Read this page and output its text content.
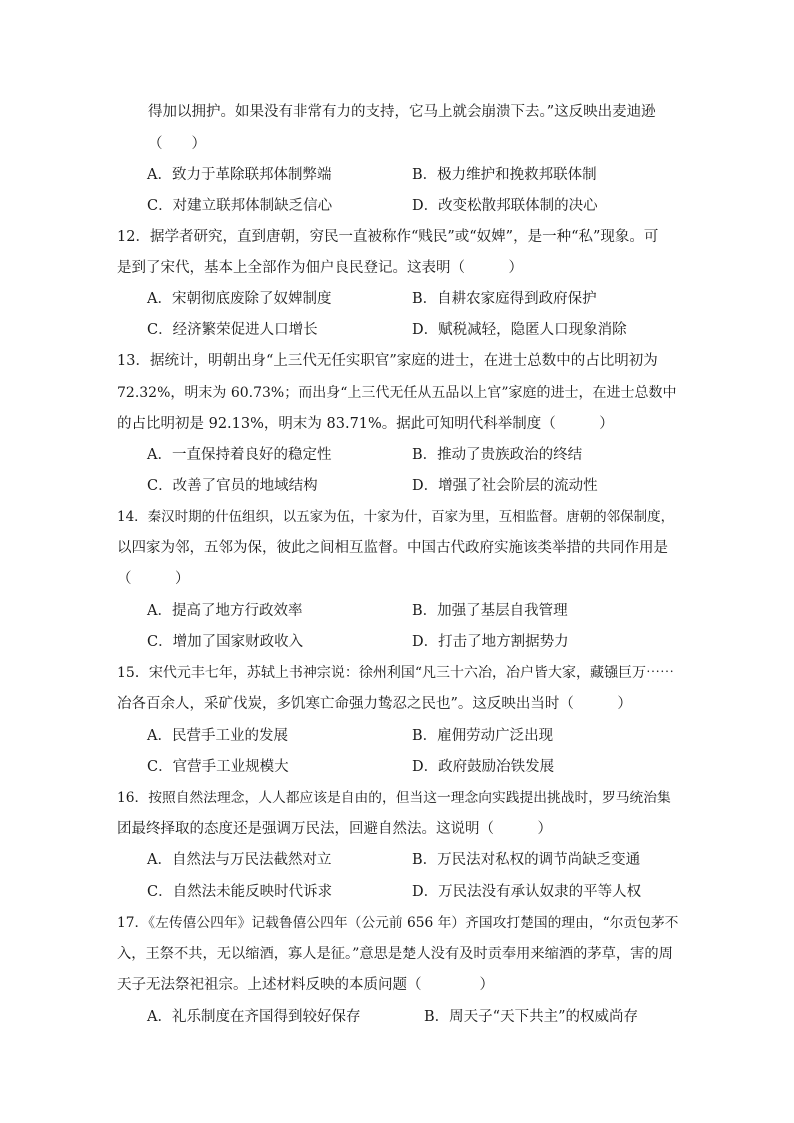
得加以拥护。如果没有非常有力的支持，它马上就会崩溃下去。”这反映出麦迪逊
（　　）
A．致力于革除联邦体制弊端	B．极力维护和挽救邦联体制
C．对建立联邦体制缺乏信心	D．改变松散邦联体制的决心
12．据学者研究，直到唐朝，穷民一直被称作“贱民”或“奴婢”，是一种“私”现象。可
是到了宋代，基本上全部作为佃户良民登记。这表明（　　　）
A．宋朝彻底废除了奴婢制度	B．自耕农家庭得到政府保护
C．经济繁荣促进人口增长	D．赋税减轻，隐匿人口现象消除
13．据统计，明朝出身“上三代无任实职官”家庭的进士，在进士总数中的占比明初为
72.32%，明末为 60.73%；而出身“上三代无任从五品以上官”家庭的进士，在进士总数中
的占比明初是 92.13%，明末为 83.71%。据此可知明代科举制度（　　　）
A．一直保持着良好的稳定性	B．推动了贵族政治的终结
C．改善了官员的地域结构	D．增强了社会阶层的流动性
14．秦汉时期的什伍组织，以五家为伍，十家为什，百家为里，互相监督。唐朝的邻保制度，
以四家为邻，五邻为保，彼此之间相互监督。中国古代政府实施该类举措的共同作用是
（　　　）
A．提高了地方行政效率	B．加强了基层自我管理
C．增加了国家财政收入	D．打击了地方割据势力
15．宋代元丰七年，苏轼上书神宗说：徐州利国“凡三十六冶，冶户皆大家，藏镪巨万⋯⋯
冶各百余人，采矿伐炭，多饥寒亡命强力鸷忍之民也”。这反映出当时（　　　）
A．民营手工业的发展	B．雇佣劳动广泛出现
C．官营手工业规模大	D．政府鼓励冶铁发展
16．按照自然法理念，人人都应该是自由的，但当这一理念向实践提出挑战时，罗马统治集
团最终择取的态度还是强调万民法，回避自然法。这说明（　　　）
A．自然法与万民法截然对立	B．万民法对私权的调节尚缺乏变通
C．自然法未能反映时代诉求	D．万民法没有承认奴隶的平等人权
17．《左传僖公四年》记载鲁僖公四年（公元前 656 年）齐国攻打楚国的理由，“尔贡包茅不
入，王祭不共，无以缩酒，寡人是征。”意思是楚人没有及时贡奉用来缩酒的茅草，害的周
天子无法祭祀祖宗。上述材料反映的本质问题（　　　　）
A．礼乐制度在齐国得到较好保存	B．周天子“天下共主”的权威尚存
